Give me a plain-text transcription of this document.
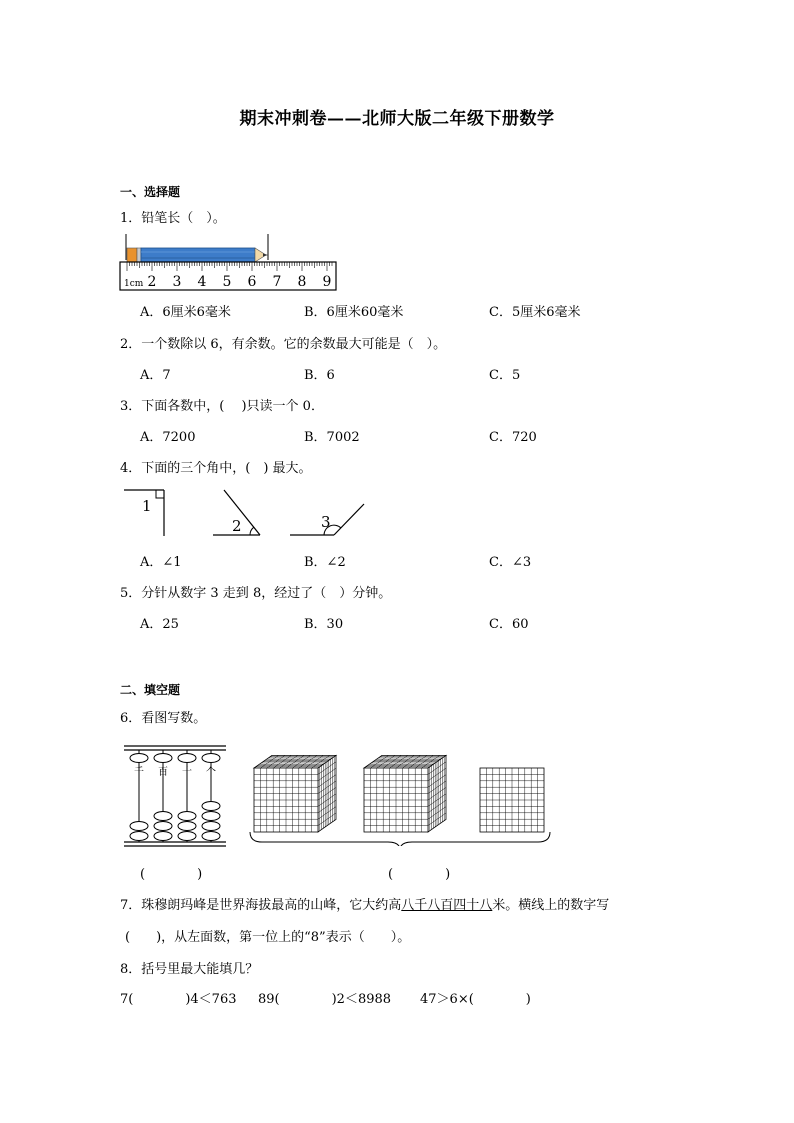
期末冲刺卷——北师大版二年级下册数学
一、选择题
1．铅笔长（　）。
1cm 2 3 4 5 6 7 8 9
A．6厘米6毫米	B．6厘米60毫米	C．5厘米6毫米
2．一个数除以 6，有余数。它的余数最大可能是（　）。
A．7	B．6	C．5
3．下面各数中，(　 )只读一个 0．
A．7200	B．7002	C．720
4．下面的三个角中，(　) 最大。
1
2	3
A．∠1	B．∠2	C．∠3
5．分针从数字 3 走到 8，经过了（　）分钟。
A．25	B．30	C．60
二、填空题
6．看图写数。
千 百 十 个
(　　　　)	(　　　　)
7．珠穆朗玛峰是世界海拔最高的山峰，它大约高八千八百四十八米。横线上的数字写
(　　)，从左面数，第一位上的“8”表示（　　）。
8．括号里最大能填几？
7(　　　　)4＜763 89(　　　　)2＜8988 47＞6×(　　　　)
